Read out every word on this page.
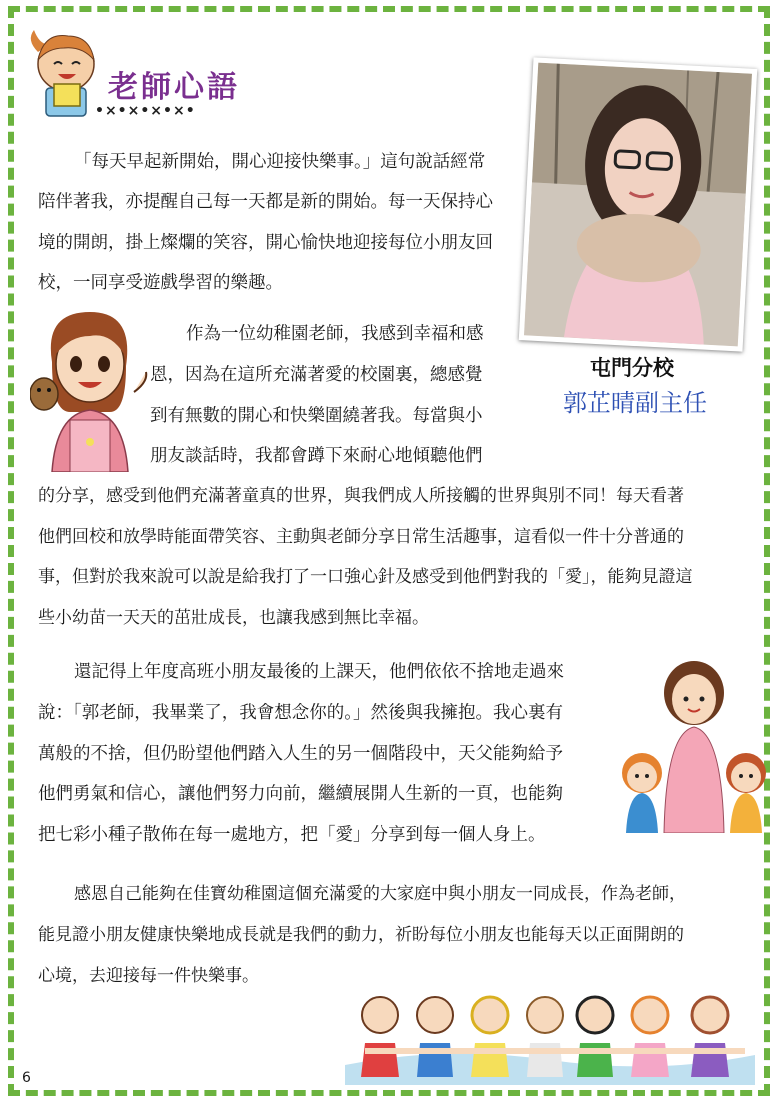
老師心語
•×•×•×•×•

「每天早起新開始，開心迎接快樂事。」這句說話經常

陪伴著我，亦提醒自己每一天都是新的開始。每一天保持心

境的開朗，掛上燦爛的笑容，開心愉快地迎接每位小朋友回

校，一同享受遊戲學習的樂趣。

作為一位幼稚園老師，我感到幸福和感

恩，因為在這所充滿著愛的校園裏，總感覺

到有無數的開心和快樂圍繞著我。每當與小

朋友談話時，我都會蹲下來耐心地傾聽他們

的分享，感受到他們充滿著童真的世界，與我們成人所接觸的世界與別不同！每天看著

他們回校和放學時能面帶笑容、主動與老師分享日常生活趣事，這看似一件十分普通的

事，但對於我來說可以說是給我打了一口強心針及感受到他們對我的「愛」，能夠見證這

些小幼苗一天天的茁壯成長，也讓我感到無比幸福。

屯門分校
郭芷晴副主任

還記得上年度高班小朋友最後的上課天，他們依依不捨地走過來

說：「郭老師，我畢業了，我會想念你的。」然後與我擁抱。我心裏有

萬般的不捨，但仍盼望他們踏入人生的另一個階段中，天父能夠給予

他們勇氣和信心，讓他們努力向前，繼續展開人生新的一頁，也能夠

把七彩小種子散佈在每一處地方，把「愛」分享到每一個人身上。

感恩自己能夠在佳寶幼稚園這個充滿愛的大家庭中與小朋友一同成長，作為老師，

能見證小朋友健康快樂地成長就是我們的動力，祈盼每位小朋友也能每天以正面開朗的

心境，去迎接每一件快樂事。

6
